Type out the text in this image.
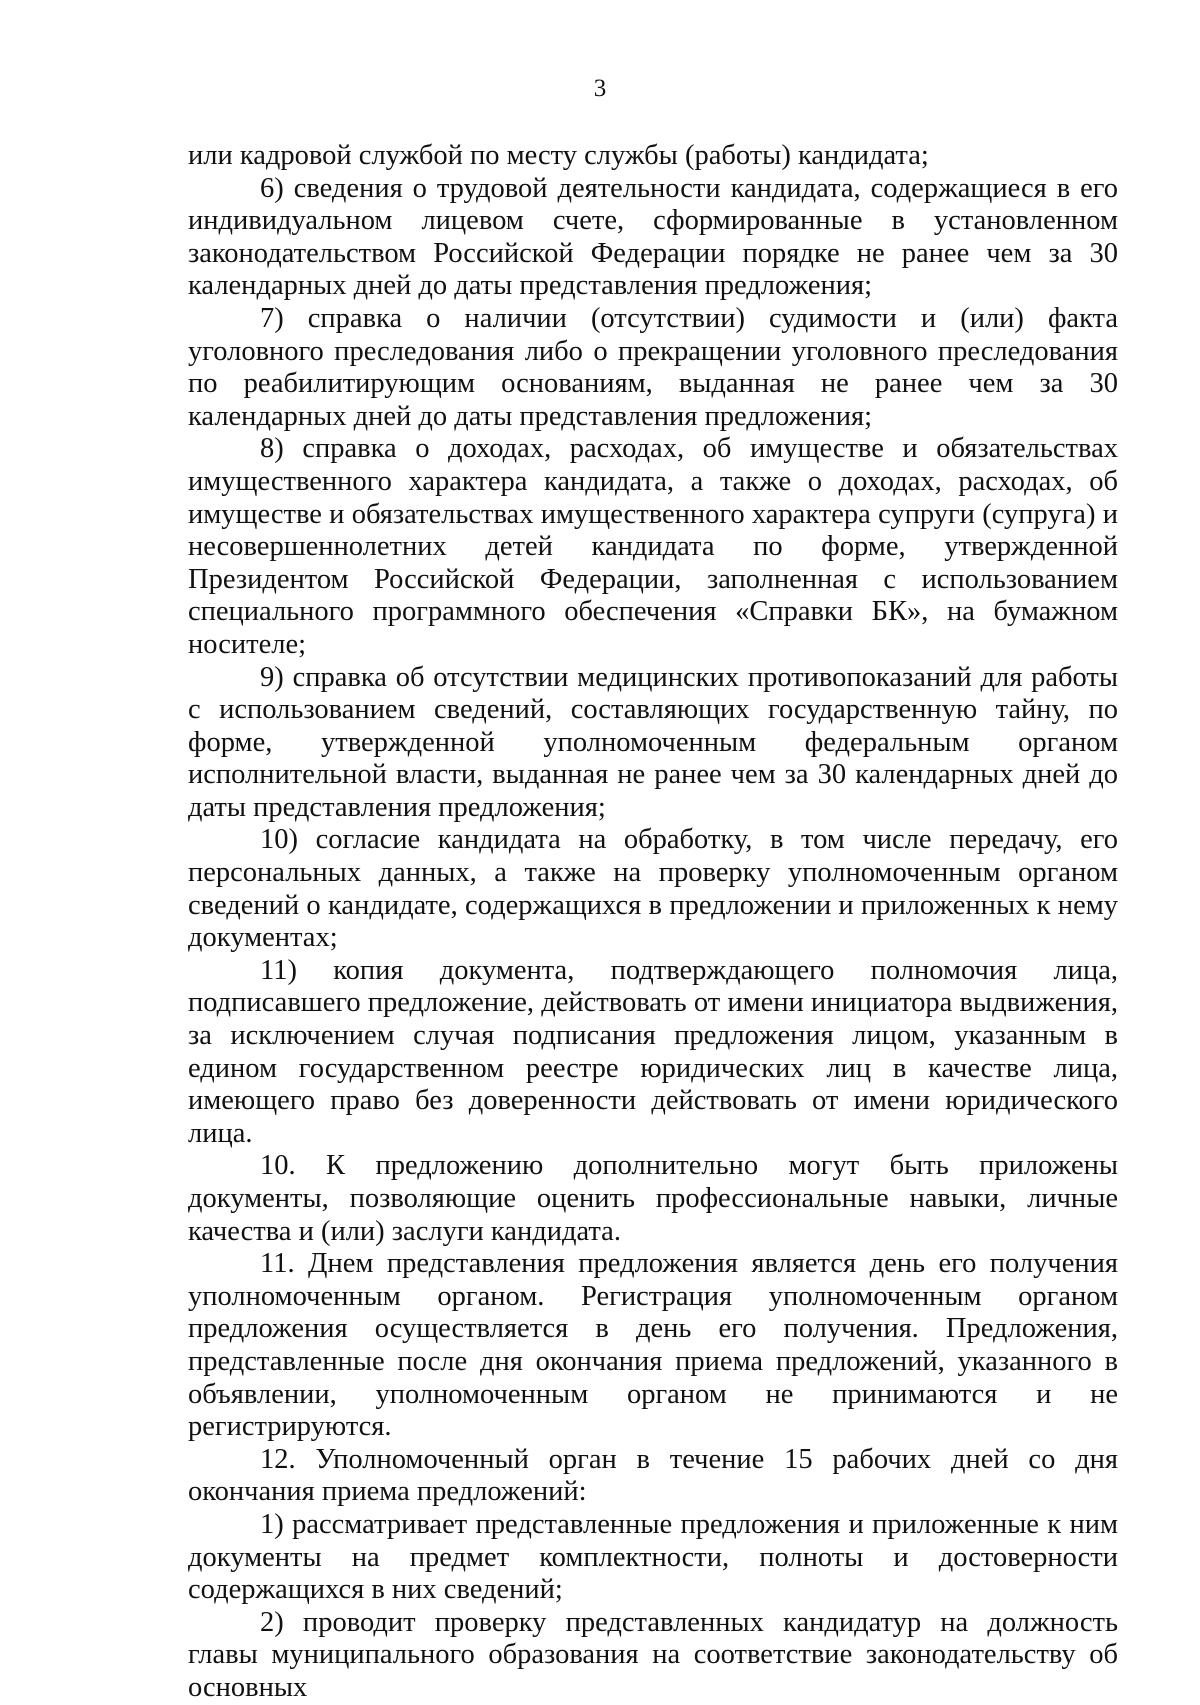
3

или кадровой службой по месту службы (работы) кандидата;

6) сведения о трудовой деятельности кандидата, содержащиеся в его индивидуальном лицевом счете, сформированные в установленном законодательством Российской Федерации порядке не ранее чем за 30 календарных дней до даты представления предложения;

7) справка о наличии (отсутствии) судимости и (или) факта уголовного преследования либо о прекращении уголовного преследования по реабилитирующим основаниям, выданная не ранее чем за 30 календарных дней до даты представления предложения;

8) справка о доходах, расходах, об имуществе и обязательствах имущественного характера кандидата, а также о доходах, расходах, об имуществе и обязательствах имущественного характера супруги (супруга) и несовершеннолетних детей кандидата по форме, утвержденной Президентом Российской Федерации, заполненная с использованием специального программного обеспечения «Справки БК», на бумажном носителе;

9) справка об отсутствии медицинских противопоказаний для работы с использованием сведений, составляющих государственную тайну, по форме, утвержденной уполномоченным федеральным органом исполнительной власти, выданная не ранее чем за 30 календарных дней до даты представления предложения;

10) согласие кандидата на обработку, в том числе передачу, его персональных данных, а также на проверку уполномоченным органом сведений о кандидате, содержащихся в предложении и приложенных к нему документах;

11) копия документа, подтверждающего полномочия лица, подписавшего предложение, действовать от имени инициатора выдвижения, за исключением случая подписания предложения лицом, указанным в едином государственном реестре юридических лиц в качестве лица, имеющего право без доверенности действовать от имени юридического лица.

10. К предложению дополнительно могут быть приложены документы, позволяющие оценить профессиональные навыки, личные качества и (или) заслуги кандидата.

11. Днем представления предложения является день его получения уполномоченным органом. Регистрация уполномоченным органом предложения осуществляется в день его получения. Предложения, представленные после дня окончания приема предложений, указанного в объявлении, уполномоченным органом не принимаются и не регистрируются.

12. Уполномоченный орган в течение 15 рабочих дней со дня окончания приема предложений:

1) рассматривает представленные предложения и приложенные к ним документы на предмет комплектности, полноты и достоверности содержащихся в них сведений;

2) проводит проверку представленных кандидатур на должность главы муниципального образования на соответствие законодательству об основных
